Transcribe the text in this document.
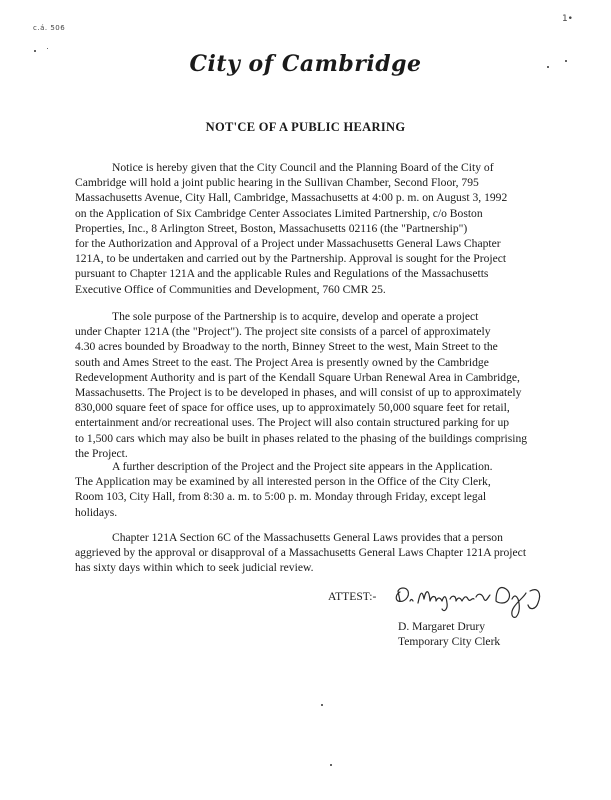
c.á. 506
1•
City of Cambridge
NOT'CE OF A PUBLIC HEARING
Notice is hereby given that the City Council and the Planning Board of the City of
Cambridge will hold a joint public hearing in the Sullivan Chamber, Second Floor, 795
Massachusetts Avenue, City Hall, Cambridge, Massachusetts at 4:00 p. m. on August 3, 1992
on the Application of Six Cambridge Center Associates Limited Partnership, c/o Boston
Properties, Inc., 8 Arlington Street, Boston, Massachusetts 02116 (the "Partnership")
for the Authorization and Approval of a Project under Massachusetts General Laws Chapter
121A, to be undertaken and carried out by the Partnership. Approval is sought for the Project
pursuant to Chapter 121A and the applicable Rules and Regulations of the Massachusetts
Executive Office of Communities and Development, 760 CMR 25.
The sole purpose of the Partnership is to acquire, develop and operate a project
under Chapter 121A (the "Project"). The project site consists of a parcel of approximately
4.30 acres bounded by Broadway to the north, Binney Street to the west, Main Street to the
south and Ames Street to the east. The Project Area is presently owned by the Cambridge
Redevelopment Authority and is part of the Kendall Square Urban Renewal Area in Cambridge,
Massachusetts. The Project is to be developed in phases, and will consist of up to approximately
830,000 square feet of space for office uses, up to approximately 50,000 square feet for retail,
entertainment and/or recreational uses. The Project will also contain structured parking for up
to 1,500 cars which may also be built in phases related to the phasing of the buildings comprising
the Project.
A further description of the Project and the Project site appears in the Application.
The Application may be examined by all interested person in the Office of the City Clerk,
Room 103, City Hall, from 8:30 a. m. to 5:00 p. m. Monday through Friday, except legal
holidays.
Chapter 121A Section 6C of the Massachusetts General Laws provides that a person
aggrieved by the approval or disapproval of a Massachusetts General Laws Chapter 121A project
has sixty days within which to seek judicial review.
ATTEST:-
D. Margaret Drury
Temporary City Clerk
